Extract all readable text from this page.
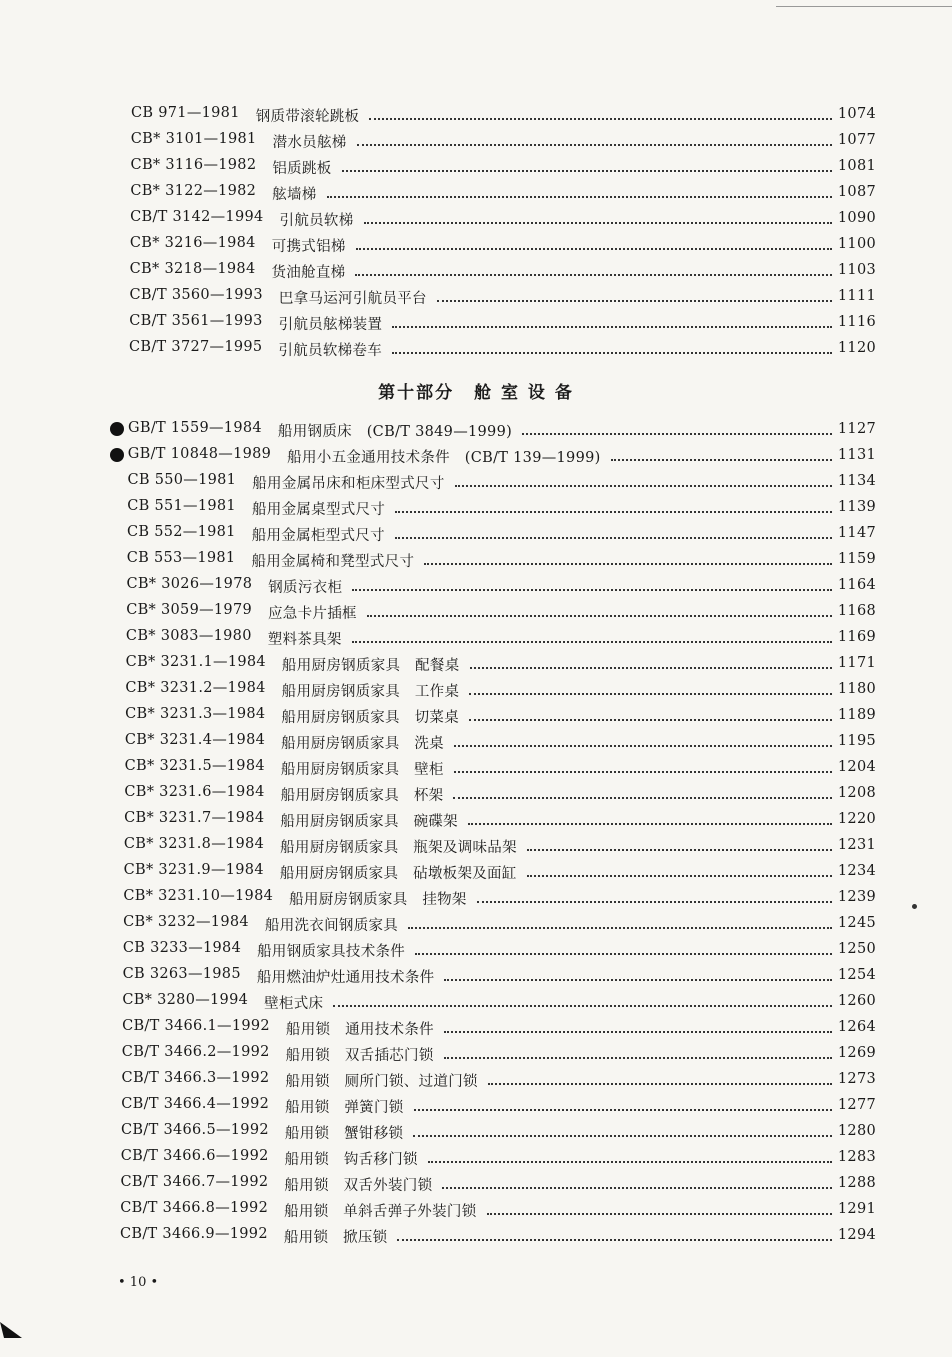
CB 971—1981 钢质带滚轮跳板	1074
CB* 3101—1981 潜水员舷梯	1077
CB* 3116—1982 铝质跳板	1081
CB* 3122—1982 舷墙梯	1087
CB/T 3142—1994 引航员软梯	1090
CB* 3216—1984 可携式铝梯	1100
CB* 3218—1984 货油舱直梯	1103
CB/T 3560—1993 巴拿马运河引航员平台	1111
CB/T 3561—1993 引航员舷梯装置	1116
CB/T 3727—1995 引航员软梯卷车	1120
第十部分 舱 室 设 备
GB/T 1559—1984 船用钢质床　(CB/T 3849—1999)	1127
GB/T 10848—1989 船用小五金通用技术条件　(CB/T 139—1999)	1131
CB 550—1981 船用金属吊床和柜床型式尺寸	1134
CB 551—1981 船用金属桌型式尺寸	1139
CB 552—1981 船用金属柜型式尺寸	1147
CB 553—1981 船用金属椅和凳型式尺寸	1159
CB* 3026—1978 钢质污衣柜	1164
CB* 3059—1979 应急卡片插框	1168
CB* 3083—1980 塑料茶具架	1169
CB* 3231.1—1984 船用厨房钢质家具　配餐桌	1171
CB* 3231.2—1984 船用厨房钢质家具　工作桌	1180
CB* 3231.3—1984 船用厨房钢质家具　切菜桌	1189
CB* 3231.4—1984 船用厨房钢质家具　洗桌	1195
CB* 3231.5—1984 船用厨房钢质家具　壁柜	1204
CB* 3231.6—1984 船用厨房钢质家具　杯架	1208
CB* 3231.7—1984 船用厨房钢质家具　碗碟架	1220
CB* 3231.8—1984 船用厨房钢质家具　瓶架及调味品架	1231
CB* 3231.9—1984 船用厨房钢质家具　砧墩板架及面缸	1234
CB* 3231.10—1984 船用厨房钢质家具　挂物架	1239
CB* 3232—1984 船用洗衣间钢质家具	1245
CB 3233—1984 船用钢质家具技术条件	1250
CB 3263—1985 船用燃油炉灶通用技术条件	1254
CB* 3280—1994 壁柜式床	1260
CB/T 3466.1—1992 船用锁　通用技术条件	1264
CB/T 3466.2—1992 船用锁　双舌插芯门锁	1269
CB/T 3466.3—1992 船用锁　厕所门锁、过道门锁	1273
CB/T 3466.4—1992 船用锁　弹簧门锁	1277
CB/T 3466.5—1992 船用锁　蟹钳移锁	1280
CB/T 3466.6—1992 船用锁　钩舌移门锁	1283
CB/T 3466.7—1992 船用锁　双舌外装门锁	1288
CB/T 3466.8—1992 船用锁　单斜舌弹子外装门锁	1291
CB/T 3466.9—1992 船用锁　掀压锁	1294
• 10 •
